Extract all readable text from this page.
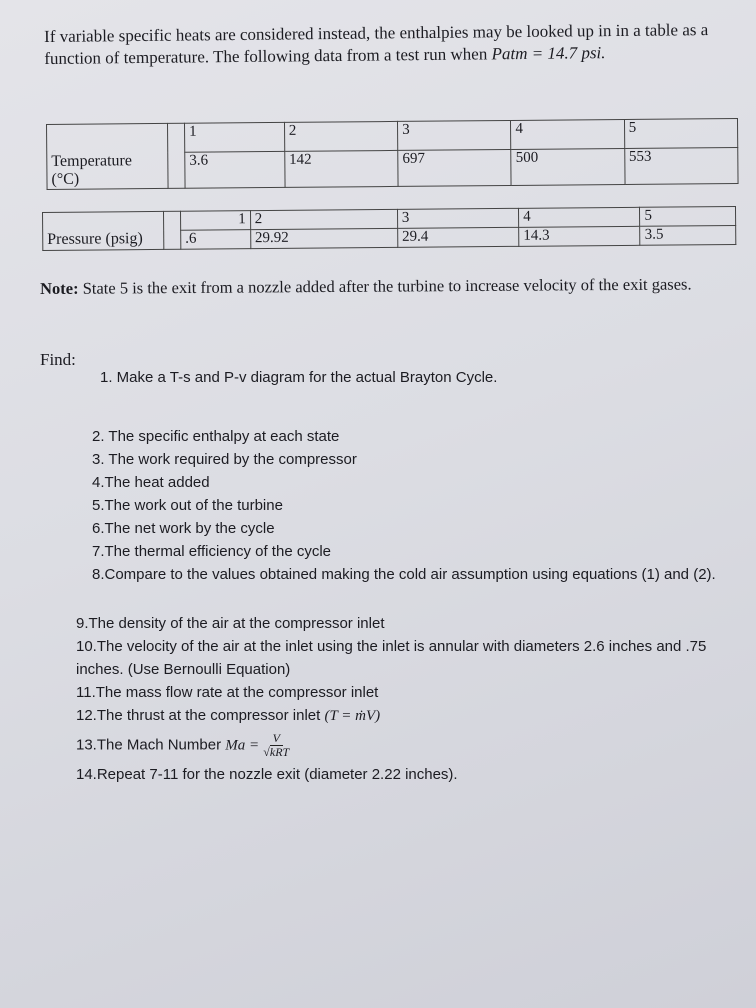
If variable specific heats are considered instead, the enthalpies may be looked up in in a table as a function of temperature. The following data from a test run when Patm = 14.7 psi.
Temperature
(°C)		1	2	3	4	5
		3.6	142	697	500	553
Pressure (psig)		1	2	3	4	5
		.6	29.92	29.4	14.3	3.5
Note: State 5 is the exit from a nozzle added after the turbine to increase velocity of the exit gases.
Find:
1. Make a T-s and P-v diagram for the actual Brayton Cycle.
2. The specific enthalpy at each state
3. The work required by the compressor
4.The heat added
5.The work out of the turbine
6.The net work by the cycle
7.The thermal efficiency of the cycle
8.Compare to the values obtained making the cold air assumption using equations (1) and (2).
9.The density of the air at the compressor inlet
10.The velocity of the air at the inlet using the inlet is annular with diameters 2.6 inches and .75 inches. (Use Bernoulli Equation)
11.The mass flow rate at the compressor inlet
12.The thrust at the compressor inlet (T = ṁV)
13.The Mach Number $Ma = \frac{V}{\text{√kRT}}$
14.Repeat 7-11 for the nozzle exit (diameter 2.22 inches).
